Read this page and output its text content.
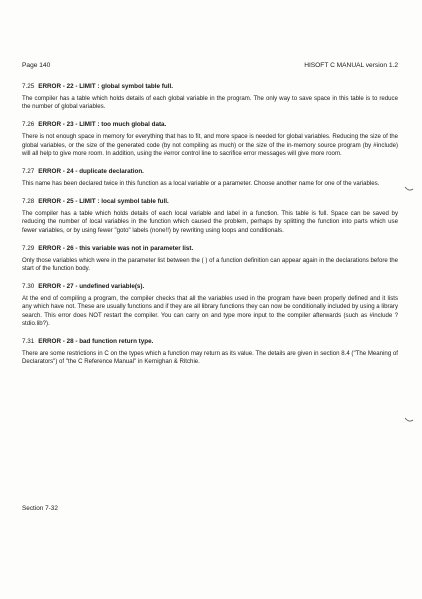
Page 140	HISOFT C MANUAL version 1.2
7.25 ERROR - 22 - LIMIT : global symbol table full.

The compiler has a table which holds details of each global variable in the program. The only way to save space in this table is to reduce the number of global variables.

7.26 ERROR - 23 - LIMIT : too much global data.

There is not enough space in memory for everything that has to fit, and more space is needed for global variables. Reducing the size of the global variables, or the size of the generated code (by not compiling as much) or the size of the in-memory source program (by #include) will all help to give more room. In addition, using the #error control line to sacrifice error messages will give more room.

7.27 ERROR - 24 - duplicate declaration.

This name has been declared twice in this function as a local variable or a parameter. Choose another name for one of the variables.

7.28 ERROR - 25 - LIMIT : local symbol table full.

The compiler has a table which holds details of each local variable and label in a function. This table is full. Space can be saved by reducing the number of local variables in the function which caused the problem, perhaps by splitting the function into parts which use fewer variables, or by using fewer "goto" labels (none!!) by rewriting using loops and conditionals.

7.29 ERROR - 26 - this variable was not in parameter list.

Only those variables which were in the parameter list between the ( ) of a function definition can appear again in the declarations before the start of the function body.

7.30 ERROR - 27 - undefined variable(s).

At the end of compiling a program, the compiler checks that all the variables used in the program have been properly defined and it lists any which have not. These are usually functions and if they are all library functions they can now be conditionally included by using a library search. This error does NOT restart the compiler. You can carry on and type more input to the compiler afterwards (such as #include ?stdio.lib?).

7.31 ERROR - 28 - bad function return type.

There are some restrictions in C on the types which a function may return as its value. The details are given in section 8.4 ("The Meaning of Declarators") of "the C Reference Manual" in Kernighan & Ritchie.

Section 7-32
